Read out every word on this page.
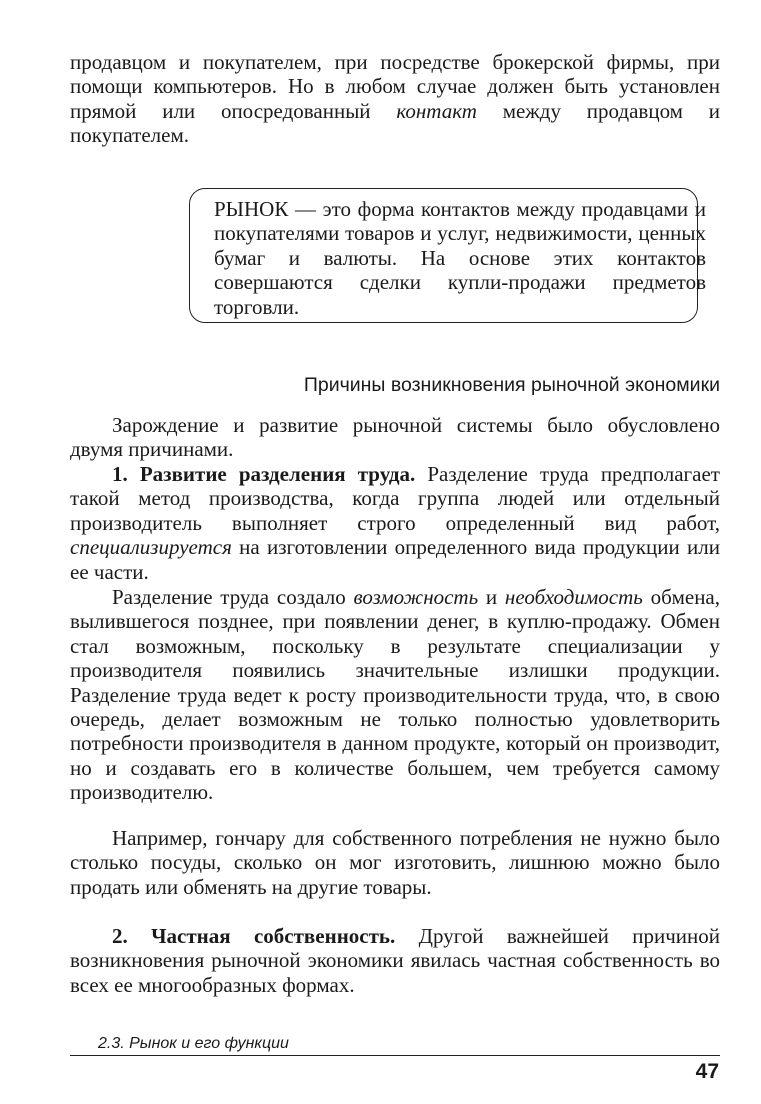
продавцом и покупателем, при посредстве брокерской фирмы, при помощи компьютеров. Но в любом случае должен быть установлен прямой или опосредованный контакт между продавцом и покупателем.

РЫНОК — это форма контактов между продавцами и покупателями товаров и услуг, недвижимости, ценных бумаг и валюты. На основе этих контактов совершаются сделки купли-продажи предметов торговли.

Причины возникновения рыночной экономики

Зарождение и развитие рыночной системы было обусловлено двумя причинами.

1. Развитие разделения труда. Разделение труда предполагает такой метод производства, когда группа людей или отдельный производитель выполняет строго определенный вид работ, специализируется на изготовлении определенного вида продукции или ее части.

Разделение труда создало возможность и необходимость обмена, вылившегося позднее, при появлении денег, в куплю-продажу. Обмен стал возможным, поскольку в результате специализации у производителя появились значительные излишки продукции. Разделение труда ведет к росту производительности труда, что, в свою очередь, делает возможным не только полностью удовлетворить потребности производителя в данном продукте, который он производит, но и создавать его в количестве большем, чем требуется самому производителю.

Например, гончару для собственного потребления не нужно было столько посуды, сколько он мог изготовить, лишнюю можно было продать или обменять на другие товары.

2. Частная собственность. Другой важнейшей причиной возникновения рыночной экономики явилась частная собственность во всех ее многообразных формах.

2.3. Рынок и его функции
47
